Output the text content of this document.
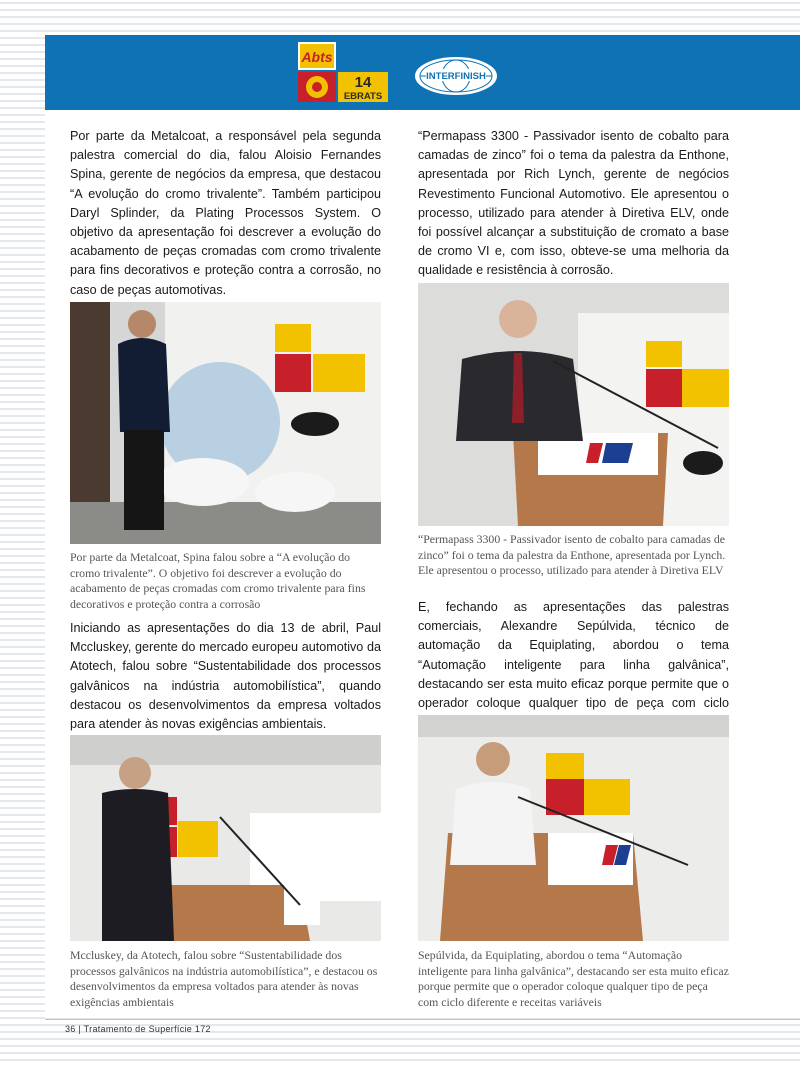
Abts
14
EBRATS
INTERFINISH

Por parte da Metalcoat, a responsável pela segunda palestra comercial do dia, falou Aloisio Fernandes Spina, gerente de negócios da empresa, que destacou “A evolução do cromo trivalente”. Também participou Daryl Splinder, da Plating Processos System. O objetivo da apresentação foi descrever a evolução do acabamento de peças cromadas com cromo trivalente para fins decorativos e proteção contra a corrosão, no caso de peças automotivas.

Por parte da Metalcoat, Spina falou sobre a “A evolução do cromo trivalente”. O objetivo foi descrever a evolução do acabamento de peças cromadas com cromo trivalente para fins decorativos e proteção contra a corrosão

Iniciando as apresentações do dia 13 de abril, Paul Mccluskey, gerente do mercado europeu automotivo da Atotech, falou sobre “Sustentabilidade dos processos galvânicos na indústria automobilística”, quando destacou os desenvolvimentos da empresa voltados para atender às novas exigências ambientais.

Mccluskey, da Atotech, falou sobre “Sustentabilidade dos processos galvânicos na indústria automobilística”, e destacou os desenvolvimentos da empresa voltados para atender às novas exigências ambientais

“Permapass 3300 - Passivador isento de cobalto para camadas de zinco” foi o tema da palestra da Enthone, apresentada por Rich Lynch, gerente de negócios Revestimento Funcional Automotivo. Ele apresentou o processo, utilizado para atender à Diretiva ELV, onde foi possível alcançar a substituição de cromato a base de cromo VI e, com isso, obteve-se uma melhoria da qualidade e resistência à corrosão.

“Permapass 3300 - Passivador isento de cobalto para camadas de zinco” foi o tema da palestra da Enthone, apresentada por Lynch. Ele apresentou o processo, utilizado para atender à Diretiva ELV

E, fechando as apresentações das palestras comerciais, Alexandre Sepúlvida, técnico de automação da Equiplating, abordou o tema “Automação inteligente para linha galvânica”, destacando ser esta muito eficaz porque permite que o operador coloque qualquer tipo de peça com ciclo

Sepúlvida, da Equiplating, abordou o tema “Automação inteligente para linha galvânica”, destacando ser esta muito eficaz porque permite que o operador coloque qualquer tipo de peça com ciclo diferente e receitas variáveis

36 | Tratamento de Superfície 172
